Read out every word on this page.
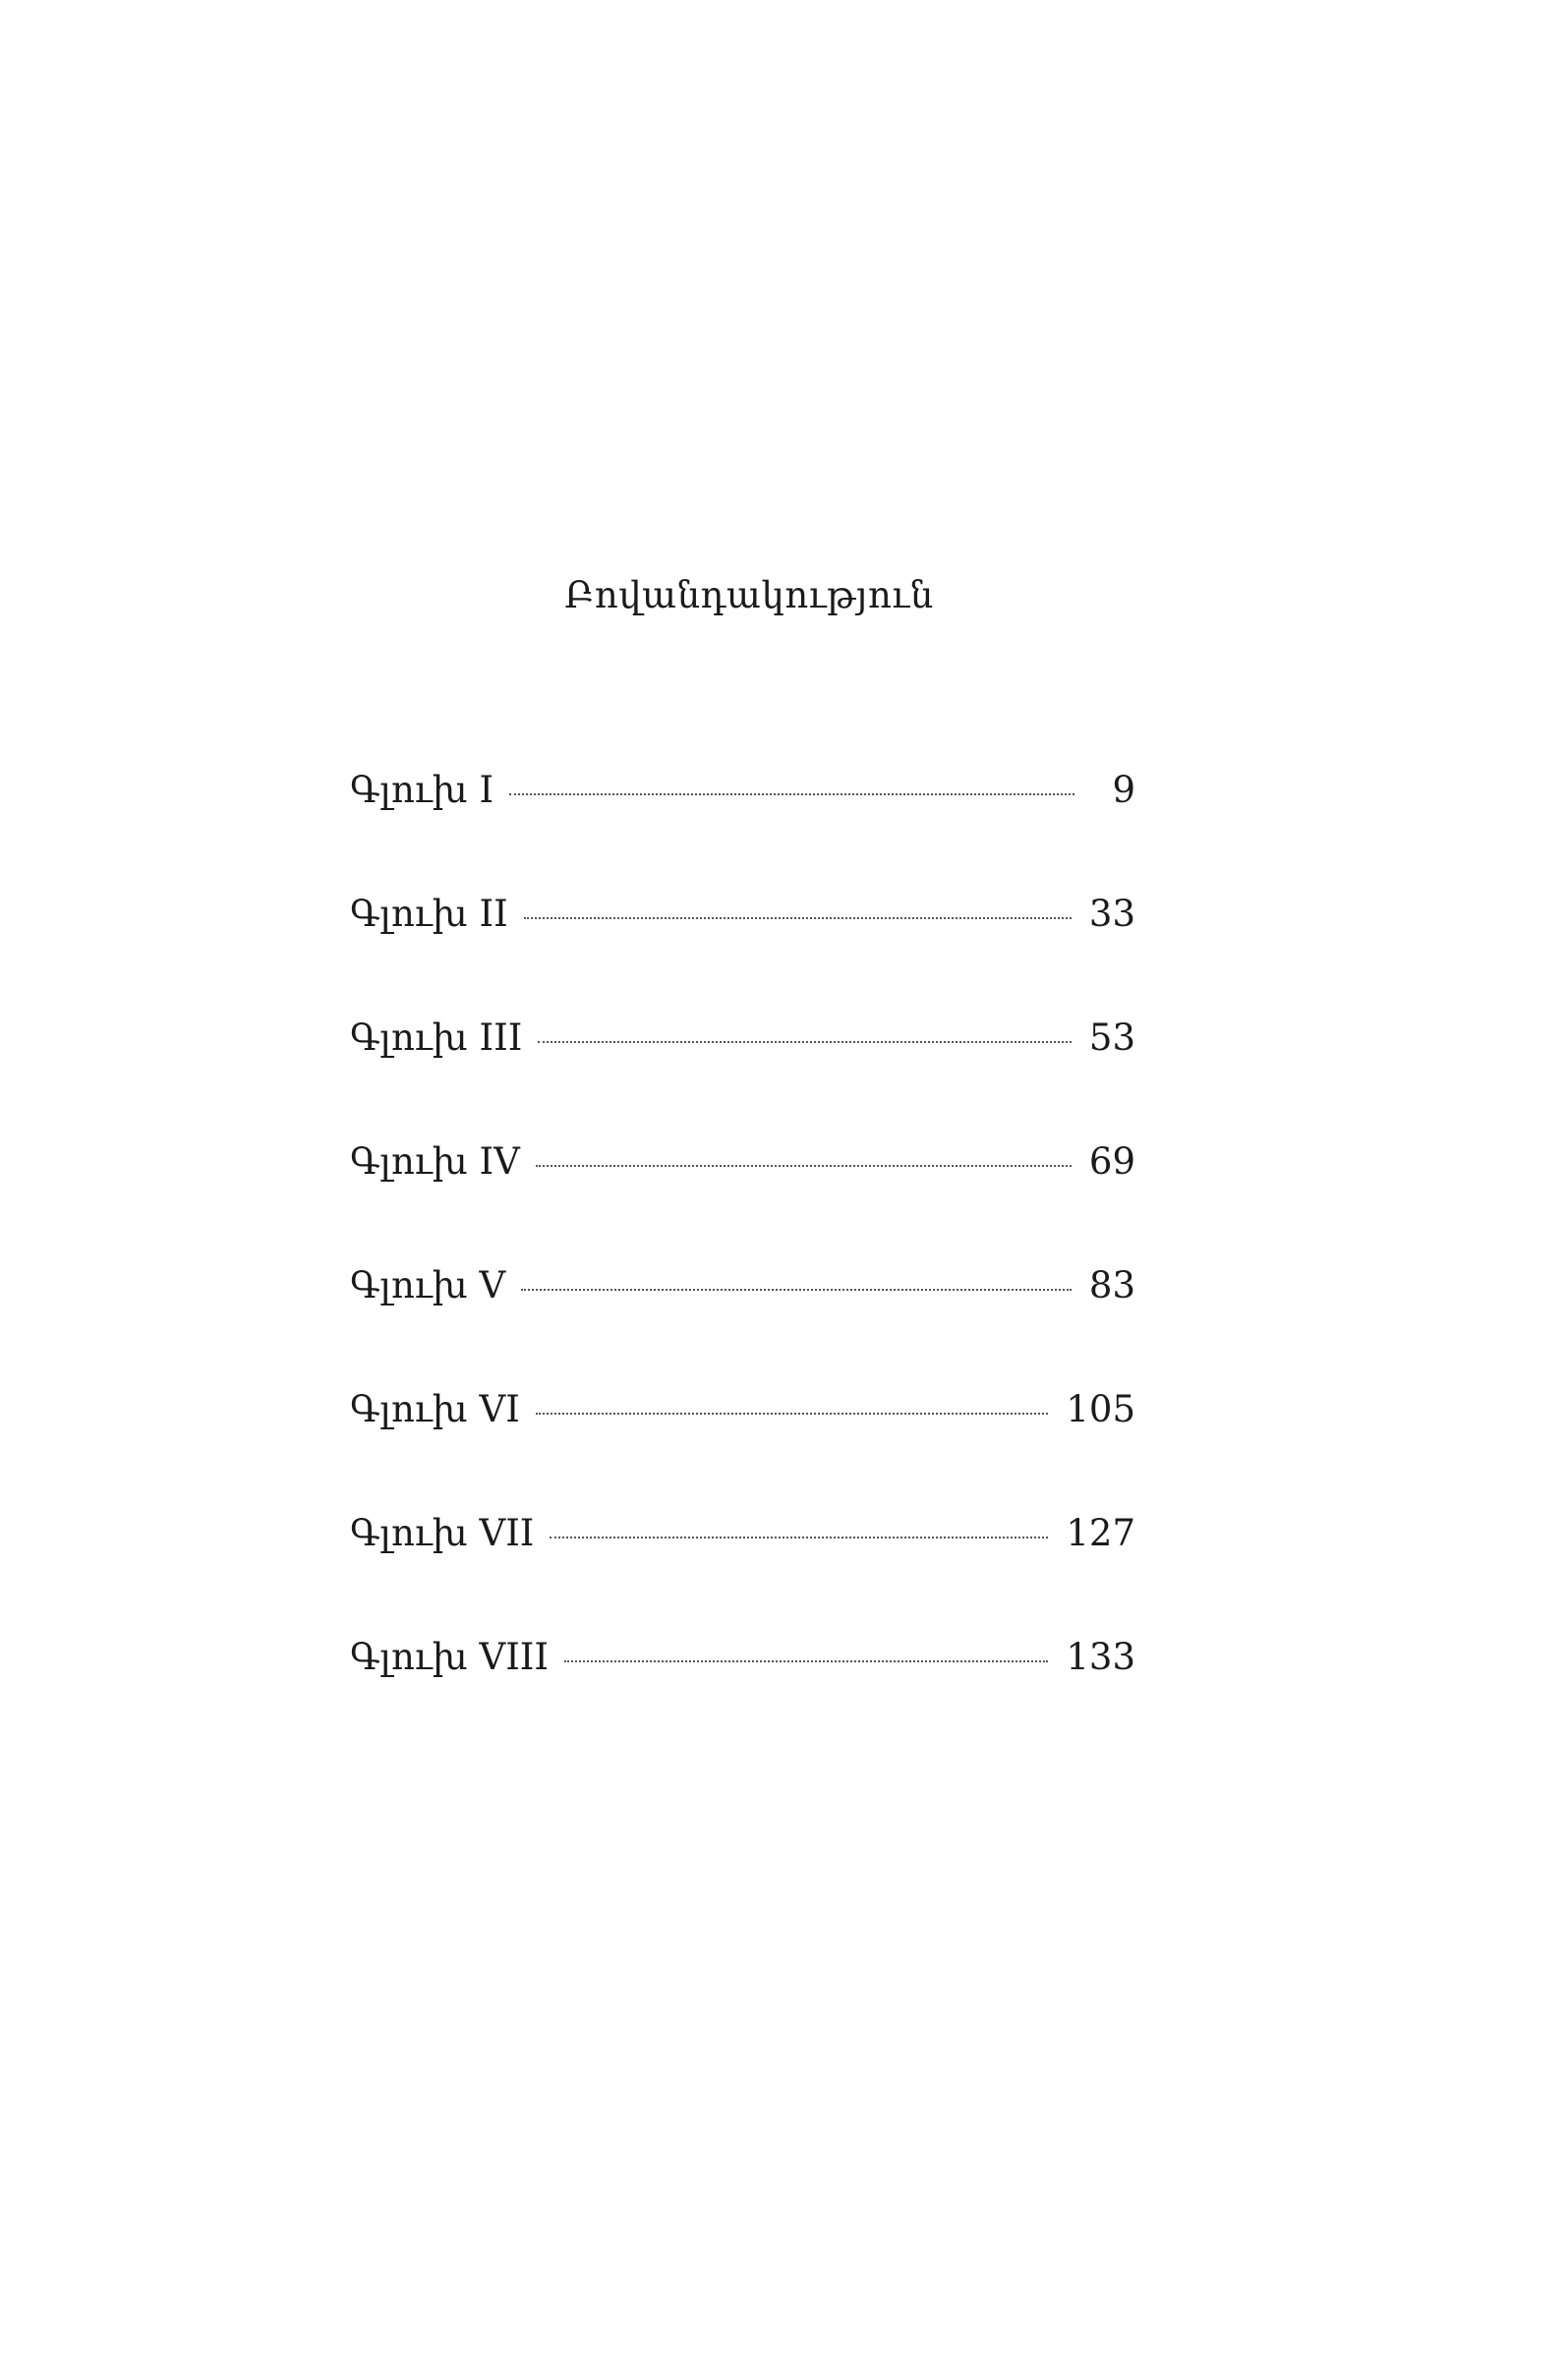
Բովանդակություն
Գլուխ I	9
Գլուխ II	33
Գլուխ III	53
Գլուխ IV	69
Գլուխ V	83
Գլուխ VI	105
Գլուխ VII	127
Գլուխ VIII	133
